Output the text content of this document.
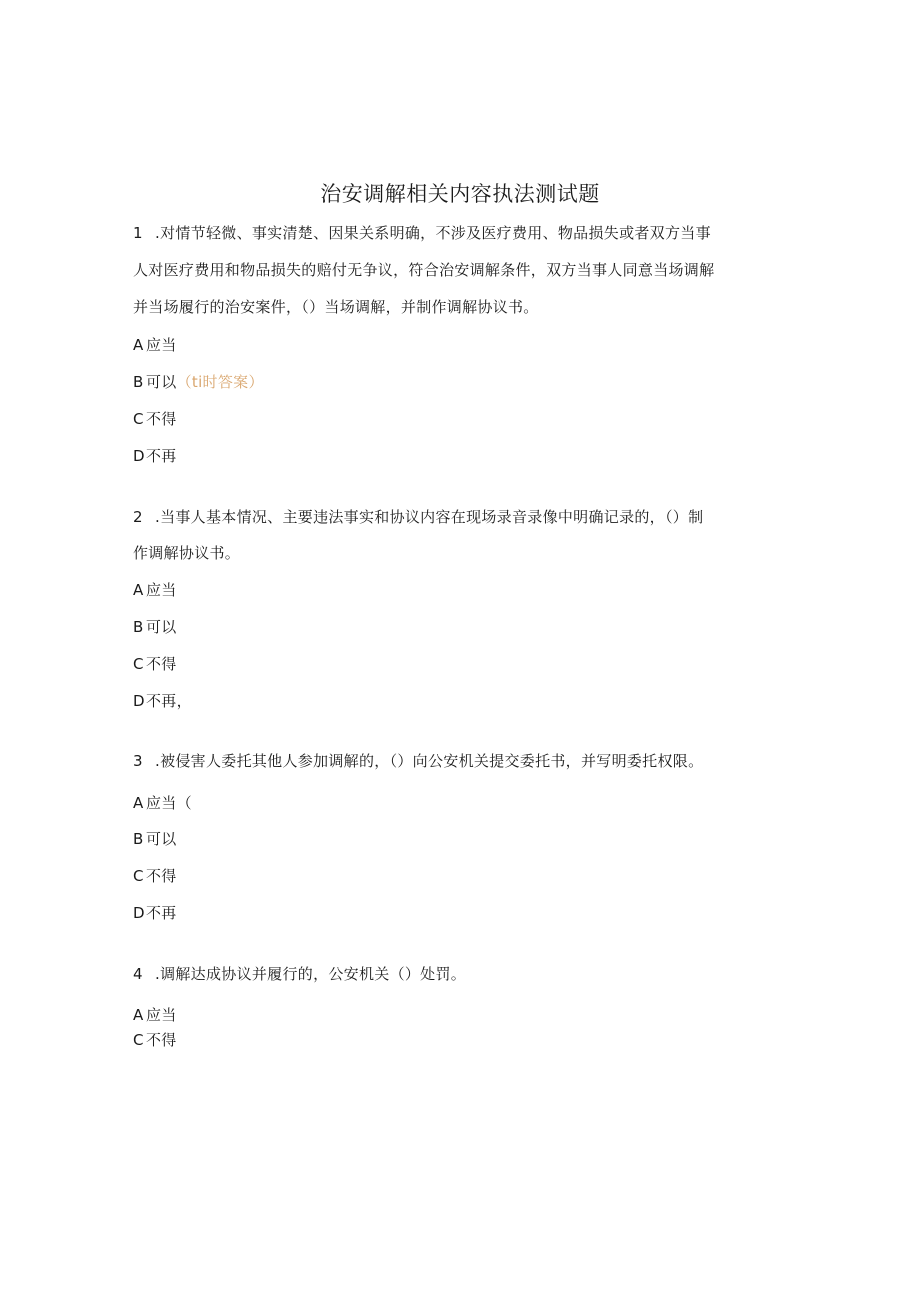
治安调解相关内容执法测试题
1 .对情节轻微、事实清楚、因果关系明确，不涉及医疗费用、物品损失或者双方当事
人对医疗费用和物品损失的赔付无争议，符合治安调解条件，双方当事人同意当场调解
并当场履行的治安案件，（）当场调解，并制作调解协议书。
A 应当
B 可以（ti时答案）
C 不得
D不再
2 .当事人基本情况、主要违法事实和协议内容在现场录音录像中明确记录的，（）制
作调解协议书。
A 应当
B 可以
C 不得
D不再，
3 .被侵害人委托其他人参加调解的，（）向公安机关提交委托书，并写明委托权限。
A 应当（
B 可以
C 不得
D不再
4 .调解达成协议并履行的，公安机关（）处罚。
A 应当
C 不得
